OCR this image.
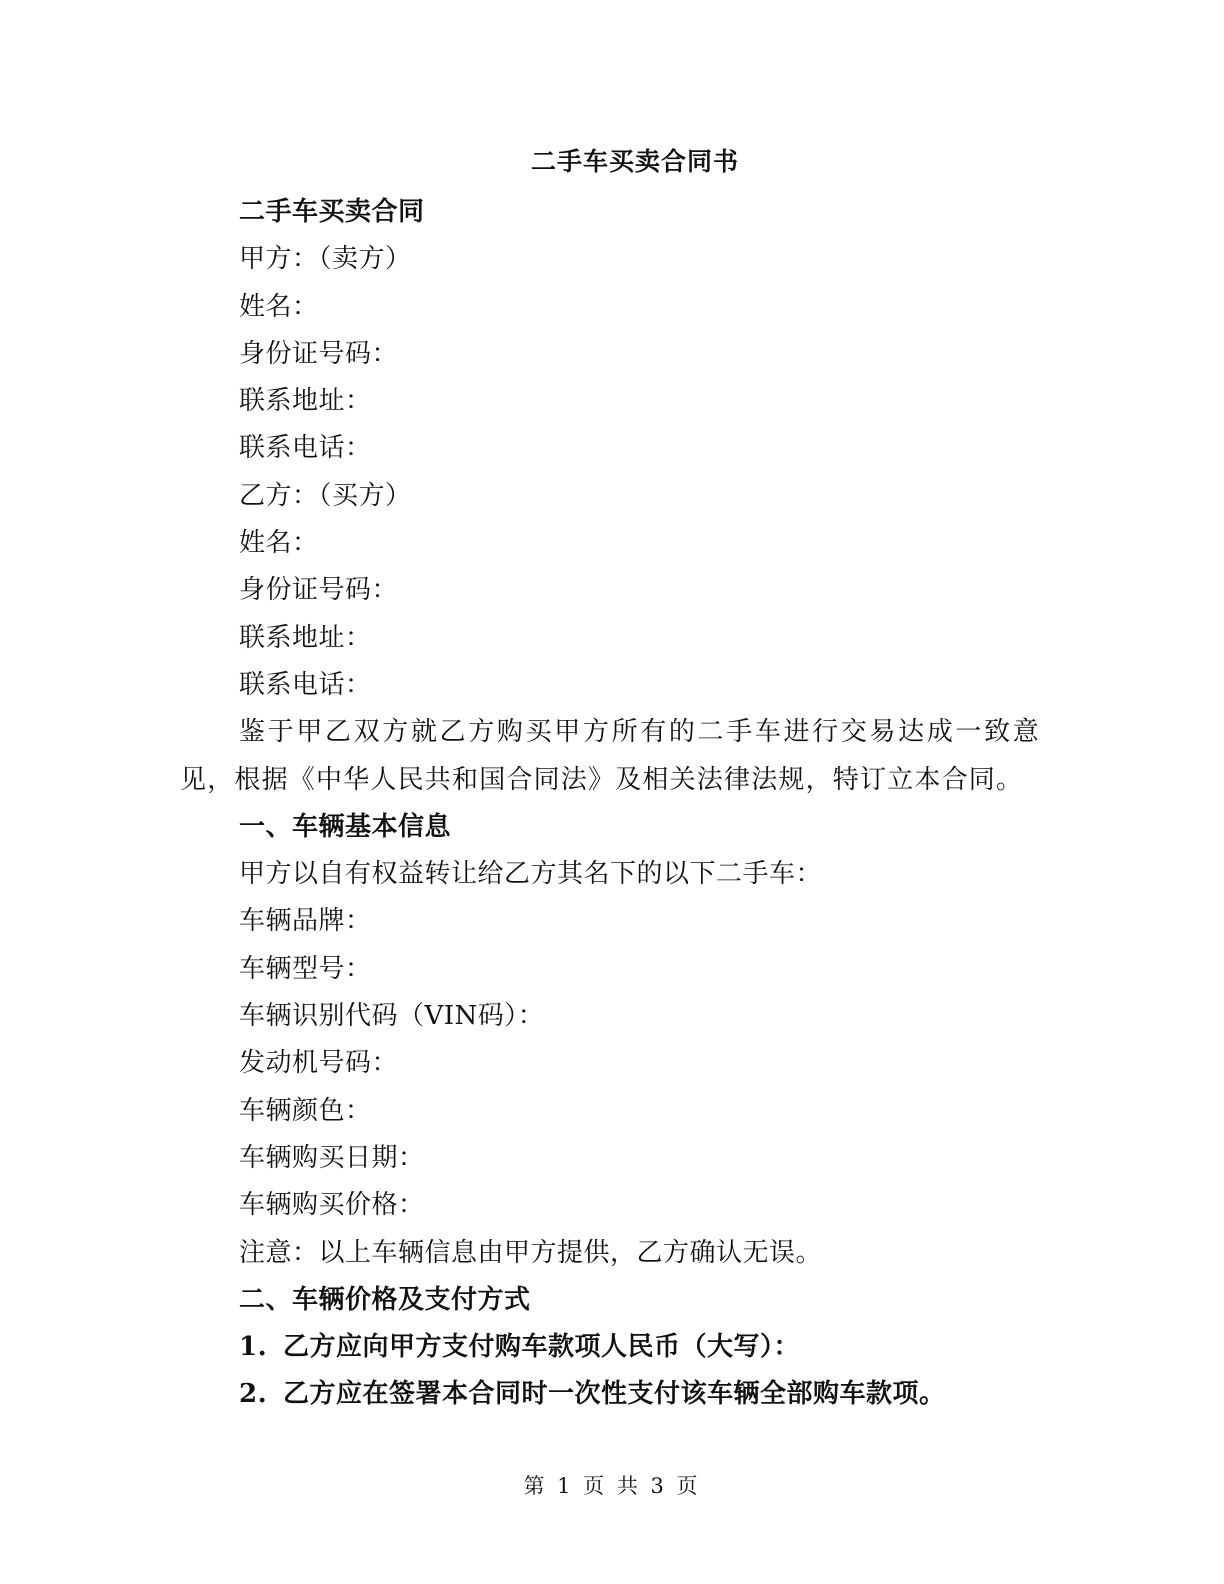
二手车买卖合同书
二手车买卖合同
甲方：（卖方）
姓名：
身份证号码：
联系地址：
联系电话：
乙方：（买方）
姓名：
身份证号码：
联系地址：
联系电话：
鉴于甲乙双方就乙方购买甲方所有的二手车进行交易达成一致意见，根据《中华人民共和国合同法》及相关法律法规，特订立本合同。
一、车辆基本信息
甲方以自有权益转让给乙方其名下的以下二手车：
车辆品牌：
车辆型号：
车辆识别代码（VIN码）：
发动机号码：
车辆颜色：
车辆购买日期：
车辆购买价格：
注意：以上车辆信息由甲方提供，乙方确认无误。
二、车辆价格及支付方式
1. 乙方应向甲方支付购车款项人民币（大写）：
2. 乙方应在签署本合同时一次性支付该车辆全部购车款项。
第 1 页 共 3 页
